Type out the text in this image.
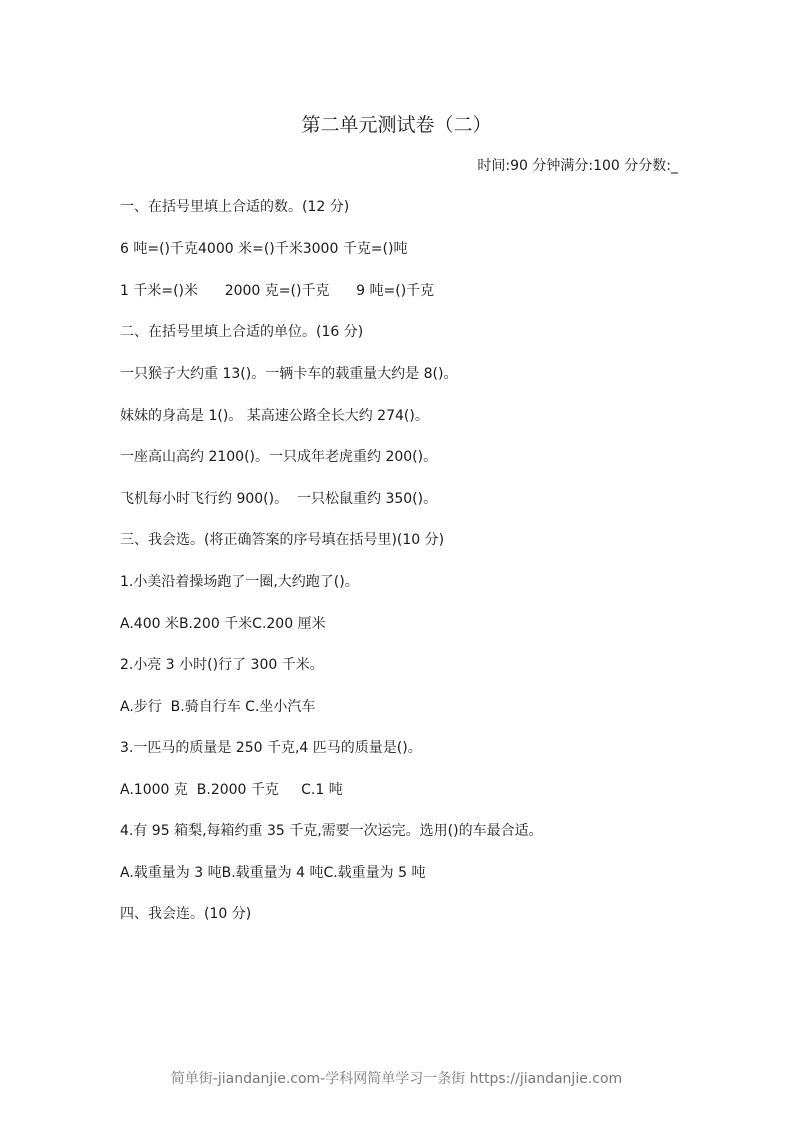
第二单元测试卷（二）
时间:90 分钟满分:100 分分数:_
一、在括号里填上合适的数。(12 分)
6 吨=()千克4000 米=()千米3000 千克=()吨
1 千米=()米      2000 克=()千克      9 吨=()千克
二、在括号里填上合适的单位。(16 分)
一只猴子大约重 13()。一辆卡车的载重量大约是 8()。
妹妹的身高是 1()。 某高速公路全长大约 274()。
一座高山高约 2100()。一只成年老虎重约 200()。
飞机每小时飞行约 900()。  一只松鼠重约 350()。
三、我会选。(将正确答案的序号填在括号里)(10 分)
1.小美沿着操场跑了一圈,大约跑了()。
A.400 米B.200 千米C.200 厘米
2.小亮 3 小时()行了 300 千米。
A.步行  B.骑自行车 C.坐小汽车
3.一匹马的质量是 250 千克,4 匹马的质量是()。
A.1000 克  B.2000 千克     C.1 吨
4.有 95 箱梨,每箱约重 35 千克,需要一次运完。选用()的车最合适。
A.载重量为 3 吨B.载重量为 4 吨C.载重量为 5 吨
四、我会连。(10 分)
简单街-jiandanjie.com-学科网简单学习一条街 https://jiandanjie.com
